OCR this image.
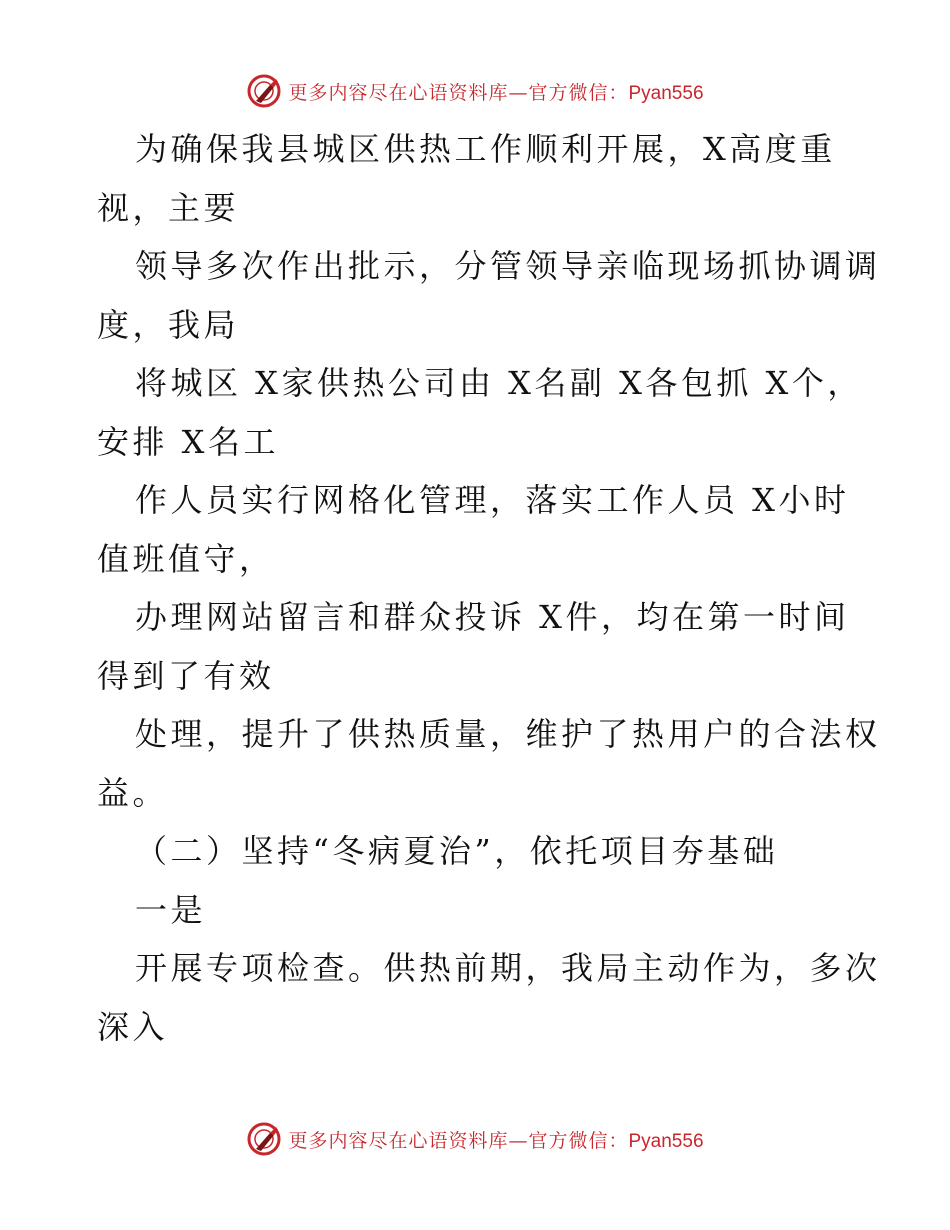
更多内容尽在心语资料库—官方微信：Pyan556
为确保我县城区供热工作顺利开展，X高度重
视，主要
领导多次作出批示，分管领导亲临现场抓协调调
度，我局
将城区 X家供热公司由 X名副 X各包抓 X个，
安排 X名工
作人员实行网格化管理，落实工作人员 X小时
值班值守，
办理网站留言和群众投诉 X件，均在第一时间
得到了有效
处理，提升了供热质量，维护了热用户的合法权
益。
（二）坚持“冬病夏治”，依托项目夯基础
一是
开展专项检查。供热前期，我局主动作为，多次
深入
更多内容尽在心语资料库—官方微信：Pyan556
